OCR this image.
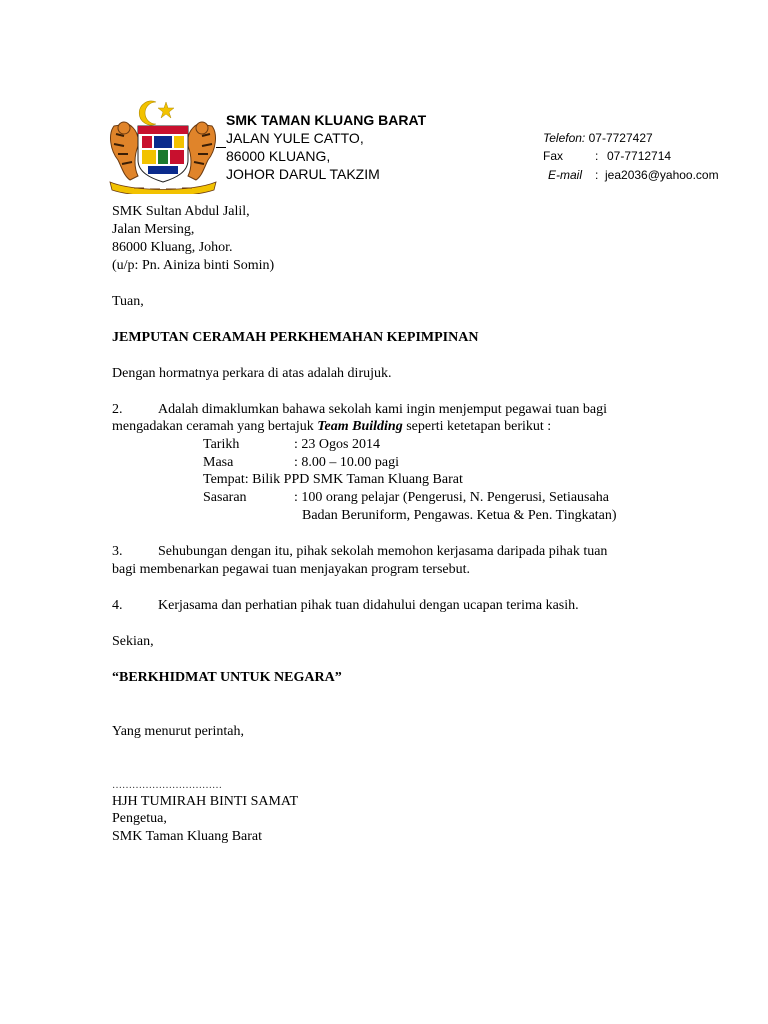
SMK TAMAN KLUANG BARAT
JALAN YULE CATTO,
86000 KLUANG,
JOHOR DARUL TAKZIM
Telefon: 07-7727427
Fax	: 07-7712714
E-mail : jea2036@yahoo.com
SMK Sultan Abdul Jalil,
Jalan Mersing,
86000 Kluang, Johor.
(u/p: Pn. Ainiza binti Somin)
Tuan,
JEMPUTAN CERAMAH PERKHEMAHAN KEPIMPINAN
Dengan hormatnya perkara di atas adalah dirujuk.
2.	Adalah dimaklumkan bahawa sekolah kami ingin menjemput pegawai tuan bagi
mengadakan ceramah yang bertajuk Team Building seperti ketetapan berikut :
Tarikh	: 23 Ogos 2014
Masa	: 8.00 – 10.00 pagi
Tempat: Bilik PPD SMK Taman Kluang Barat
Sasaran	: 100 orang pelajar (Pengerusi, N. Pengerusi, Setiausaha
Badan Beruniform, Pengawas. Ketua & Pen. Tingkatan)
3.	Sehubungan dengan itu, pihak sekolah memohon kerjasama daripada pihak tuan
bagi membenarkan pegawai tuan menjayakan program tersebut.
4.	Kerjasama dan perhatian pihak tuan didahului dengan ucapan terima kasih.
Sekian,
“BERKHIDMAT UNTUK NEGARA”
Yang menurut perintah,
……………………………
HJH TUMIRAH BINTI SAMAT
Pengetua,
SMK Taman Kluang Barat
